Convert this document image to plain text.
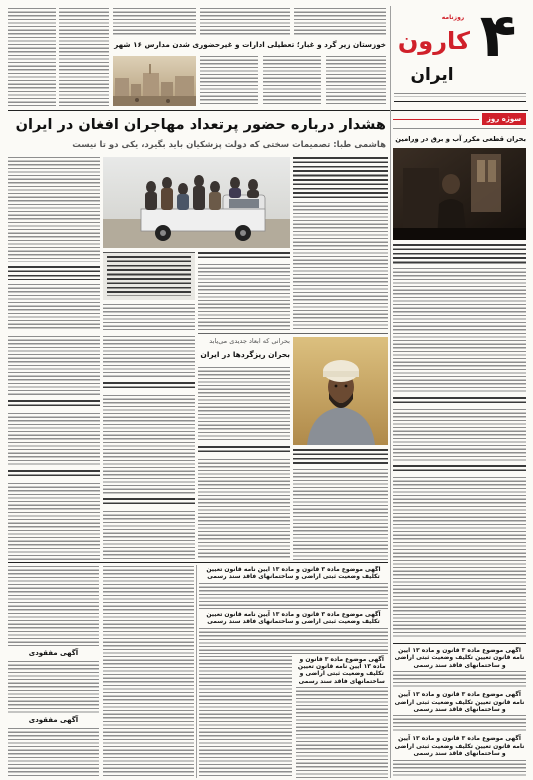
۴
روزنامه
کارون
ایران
خوزستان زیر گرد و غبار؛ تعطیلی ادارات و غیرحضوری شدن مدارس ۱۶ شهر
سوژه روز
بحران قطعی مکرر آب و برق در ورامین
آگهی موضوع ماده ۳ قانون و ماده ۱۳ آیین نامه قانون تعیین تکلیف وضعیت ثبتی اراضی و ساختمانهای فاقد سند رسمی
آگهی موضوع ماده ۳ قانون و ماده ۱۳ آیین نامه قانون تعیین تکلیف وضعیت ثبتی اراضی و ساختمانهای فاقد سند رسمی
آگهی موضوع ماده ۳ قانون و ماده ۱۳ آیین نامه قانون تعیین تکلیف وضعیت ثبتی اراضی و ساختمانهای فاقد سند رسمی
هشدار درباره حضور پرتعداد مهاجران افغان در ایران
هاشمی طبا: تصمیمات سختی که دولت پزشکیان باید بگیرد، یکی دو تا نیست
بحرانی که ابعاد جدیدی می‌یابد
بحران ریزگردها در ایران
آگهی مفقودی
آگهی مفقودی
آگهی موضوع ماده ۳ قانون و ماده ۱۳ آیین نامه قانون تعیین تکلیف وضعیت ثبتی اراضی و ساختمانهای فاقد سند رسمی
آگهی موضوع ماده ۳ قانون و ماده ۱۳ آیین نامه قانون تعیین تکلیف وضعیت ثبتی اراضی و ساختمانهای فاقد سند رسمی
آگهی موضوع ماده ۳ قانون و ماده ۱۳ آیین نامه قانون تعیین تکلیف وضعیت ثبتی اراضی و ساختمانهای فاقد سند رسمی
